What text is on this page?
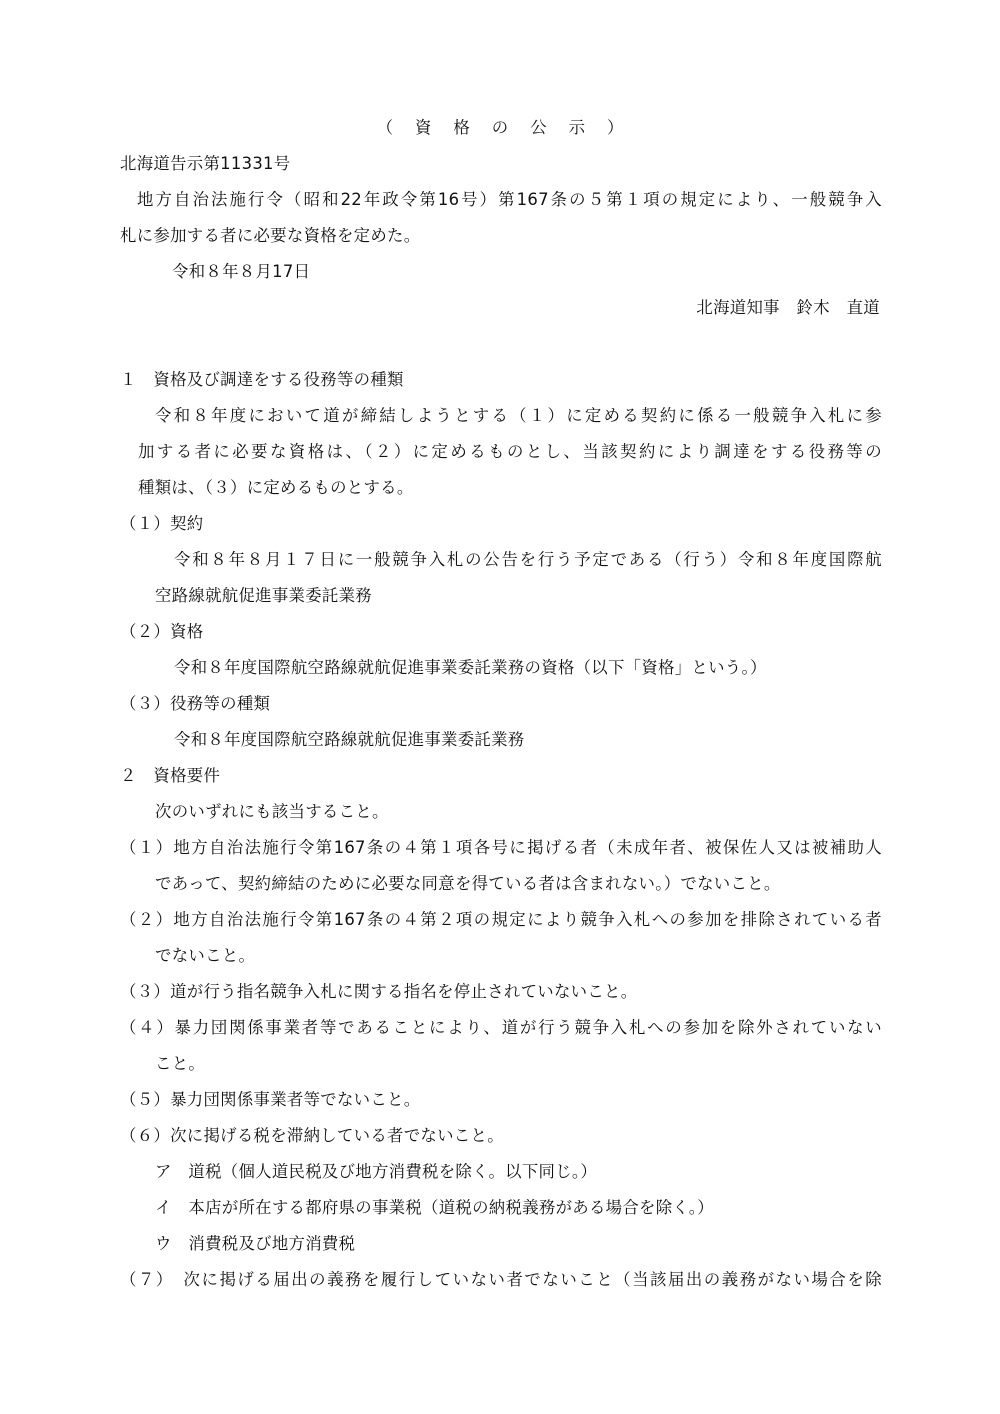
（ 資 格 の 公 示 ）
北海道告示第11331号
地方自治法施行令（昭和22年政令第16号）第167条の５第１項の規定により、一般競争入
札に参加する者に必要な資格を定めた。
令和８年８月17日
北海道知事　鈴木　直道
１　資格及び調達をする役務等の種類
令和８年度において道が締結しようとする（１）に定める契約に係る一般競争入札に参
加する者に必要な資格は、（２）に定めるものとし、当該契約により調達をする役務等の
種類は、（３）に定めるものとする。
（１）契約
令和８年８月１７日に一般競争入札の公告を行う予定である（行う）令和８年度国際航
空路線就航促進事業委託業務
（２）資格
令和８年度国際航空路線就航促進事業委託業務の資格（以下「資格」という。）
（３）役務等の種類
令和８年度国際航空路線就航促進事業委託業務
２　資格要件
次のいずれにも該当すること。
（１）地方自治法施行令第167条の４第１項各号に掲げる者（未成年者、被保佐人又は被補助人
であって、契約締結のために必要な同意を得ている者は含まれない。）でないこと。
（２）地方自治法施行令第167条の４第２項の規定により競争入札への参加を排除されている者
でないこと。
（３）道が行う指名競争入札に関する指名を停止されていないこと。
（４）暴力団関係事業者等であることにより、道が行う競争入札への参加を除外されていない
こと。
（５）暴力団関係事業者等でないこと。
（６）次に掲げる税を滞納している者でないこと。
ア　道税（個人道民税及び地方消費税を除く。以下同じ。）
イ　本店が所在する都府県の事業税（道税の納税義務がある場合を除く。）
ウ　消費税及び地方消費税
（７）　次に掲げる届出の義務を履行していない者でないこと（当該届出の義務がない場合を除
